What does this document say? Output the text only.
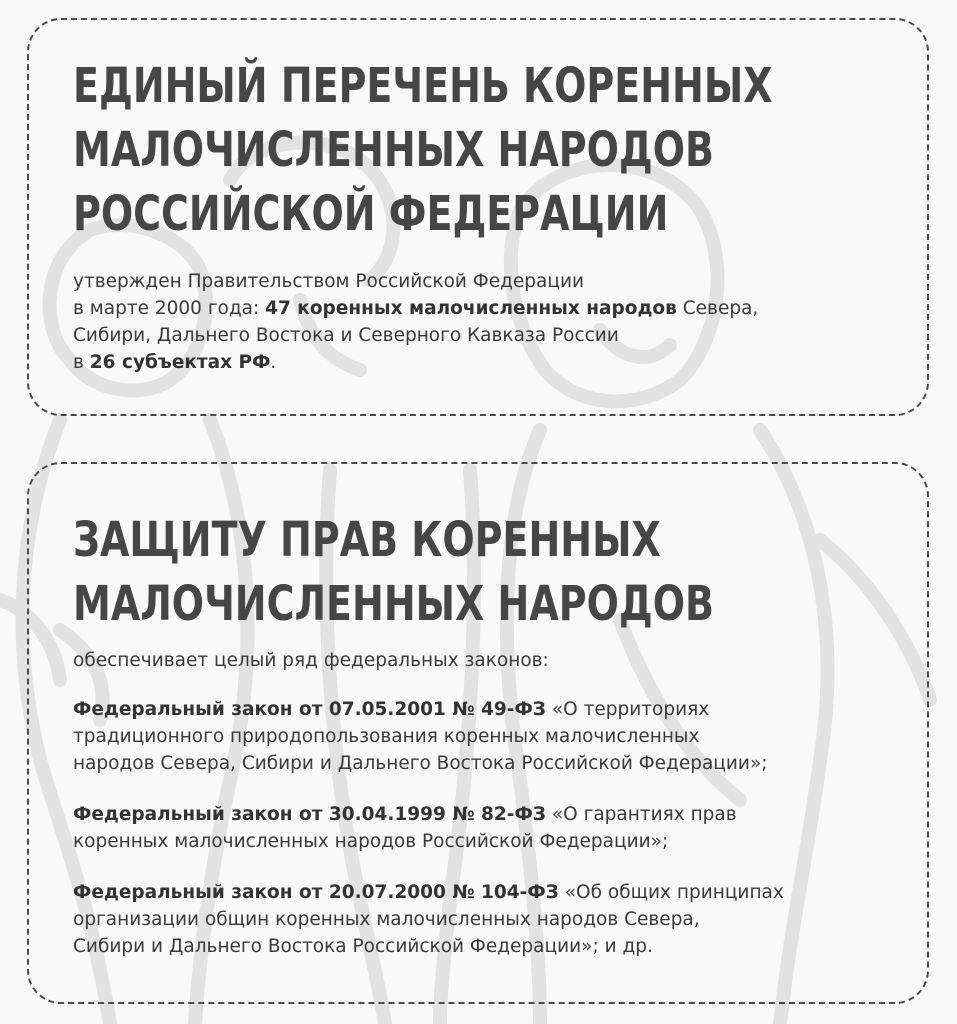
ЕДИНЫЙ ПЕРЕЧЕНЬ КОРЕННЫХ
МАЛОЧИСЛЕННЫХ НАРОДОВ
РОССИЙСКОЙ ФЕДЕРАЦИИ

утвержден Правительством Российской Федерации
в марте 2000 года: 47 коренных малочисленных народов Севера,
Сибири, Дальнего Востока и Северного Кавказа России
в 26 субъектах РФ.

ЗАЩИТУ ПРАВ КОРЕННЫХ
МАЛОЧИСЛЕННЫХ НАРОДОВ

обеспечивает целый ряд федеральных законов:

Федеральный закон от 07.05.2001 № 49-ФЗ «О территориях
традиционного природопользования коренных малочисленных
народов Севера, Сибири и Дальнего Востока Российской Федерации»;

Федеральный закон от 30.04.1999 № 82-ФЗ «О гарантиях прав
коренных малочисленных народов Российской Федерации»;

Федеральный закон от 20.07.2000 № 104-ФЗ «Об общих принципах
организации общин коренных малочисленных народов Севера,
Сибири и Дальнего Востока Российской Федерации»; и др.
